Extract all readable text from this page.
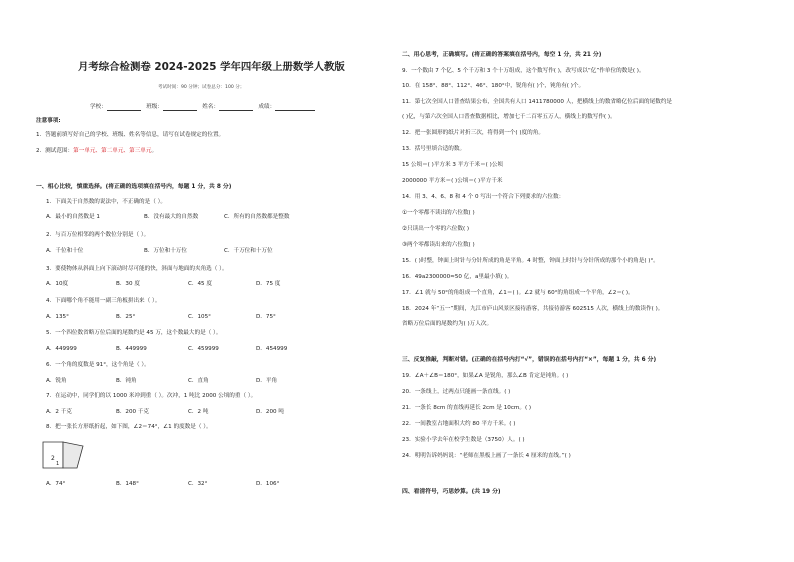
月考综合检测卷 2024-2025 学年四年级上册数学人教版
考试时间：90 分钟；试卷总分：100 分；
学校：	班级：	姓名：	成绩：
注意事项:
1．答题前填写好自己的学校、班级、姓名等信息，请写在试卷规定的位置。
2．测试范围：第一单元、第二单元、第三单元。
一、相心比较，慎重选择。(将正确的选项填在括号内，每题 1 分，共 8 分)
1．下面关于自然数的说法中，不正确的是（ ）。
A．最小的自然数是 1	B．没有最大的自然数	C．所有的自然数都是整数
2．与百万位相邻的两个数位分别是（ ）。
A．千位和十位	B．万位和十万位	C．千万位和十万位
3．要使物体从斜面上向下滚动时尽可能的快，斜面与地面的夹角选（ ）。
A．10度	B．30 度	C．45 度	D．75 度
4．下面哪个角不能用一副三角板拼出来（ ）。
A．135°	B．25°	C．105°	D．75°
5．一个四位数省略万位后面的尾数约是 45 万，这个数最大的是（ ）。
A．449999	B．449999	C．459999	D．454999
6．一个角的度数是 91°，这个角是（ ）。
A．锐角	B．钝角	C．直角	D．平角
7．在运动中，同学们的以 1000 米冲到重（ ）。次冲，1 吨比 2000 公顷的重（ ）。
A．2 千克	B．200 千克	C．2 吨	D．200 吨
8．把一张长方形纸折起，如下图，∠2＝74°，∠1 的度数是（ ）。
2
1
A．74°	B．148°	C．32°	D．106°
二、用心思考，正确填写。(将正确的答案填在括号内，每空 1 分，共 21 分)
9．一个数由 7 个亿、5 个千万和 3 个十万组成，这个数写作( )，改写成以“亿”作单位的数是( )。
10．在 158°、88°、112°、46°、180°中，锐角有( )个，钝角有( )个。
11．第七次全国人口普查结果公布，全国共有人口 1411780000 人，把横线上的数省略亿位后面的尾数约是
( )亿，与第六次全国人口普查数据相比，增加七千二百零五万人，横线上的数写作( )。
12．把一张圆形的纸片对折三次，将得到一个( )度的角。
13．括号里填合适的数。
15 公顷＝( )平方米 3 平方千米＝( )公顷
2000000 平方米＝( )公顷＝( )平方千米
14．用 3、4、6、8 和 4 个 0 写出一个符合下列要求的六位数：
①一个零都不读出的六位数( )
②只读出一个零的六位数( )
③两个零都读出来的六位数( )
15．( )时整，钟面上时针与分针所成的角是平角。4 时整，钟面上时针与分针所成的那个小的角是( )°。
16．49a2300000≈50 亿，a里最小填( )。
17．∠1 就与 50°的角组成一个直角，∠1＝( )。∠2 就与 60°的角组成一个平角，∠2＝( )。
18．2024 年“五一”期间，九江市庐山风景区接待游客，共接待游客 602515 人次，横线上的数读作( )。
省略万位后面的尾数约为( )万人次。
三、反复推敲，判断对错。(正确的在括号内打“√”，错误的在括号内打“×”，每题 1 分，共 6 分)
19．∠A＋∠B＝180°，如果∠A 是锐角，那么∠B 肯定是钝角。( )
20．一条线上，过两点只能画一条直线。( )
21．一条长 8cm 的直线再延长 2cm 是 10cm。( )
22．一间教室占地面积大约 80 平方千米。( )
23．实验小学去年在校学生数是（3750）人。( )
24．明明告诉妈妈说：“老师在黑板上画了一条长 4 厘米的直线。”( )
四、看清符号，巧思妙算。(共 19 分)
